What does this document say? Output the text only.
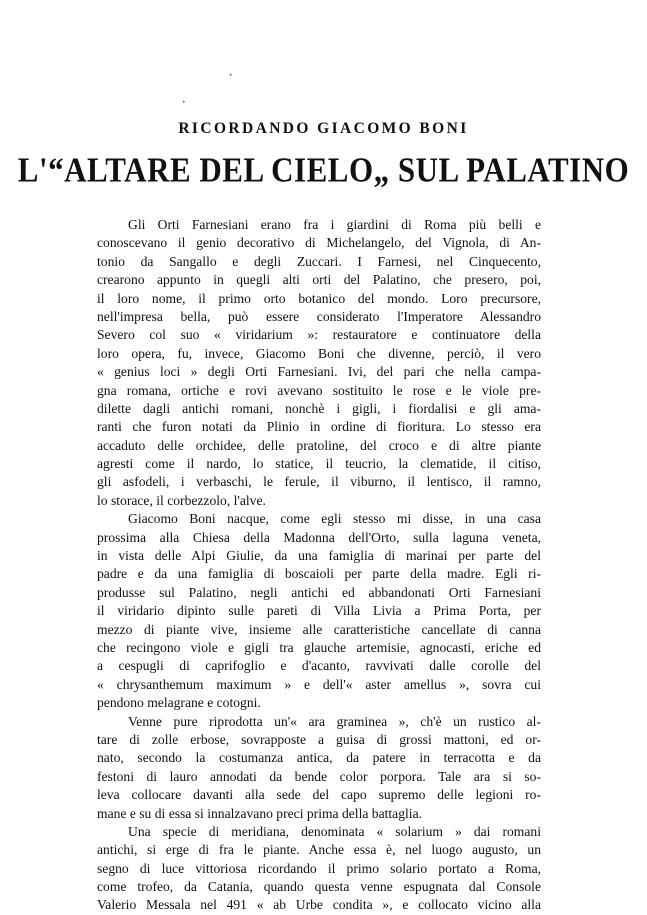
•
•
RICORDANDO GIACOMO BONI
L'“ALTARE DEL CIELO„ SUL PALATINO
Gli Orti Farnesiani erano fra i giardini di Roma più belli e
conoscevano il genio decorativo di Michelangelo, del Vignola, di An-
tonio da Sangallo e degli Zuccari. I Farnesi, nel Cinquecento,
crearono appunto in quegli alti orti del Palatino, che presero, poi,
il loro nome, il primo orto botanico del mondo. Loro precursore,
nell'impresa bella, può essere considerato l'Imperatore Alessandro
Severo col suo « viridarium »: restauratore e continuatore della
loro opera, fu, invece, Giacomo Boni che divenne, perciò, il vero
« genius loci » degli Orti Farnesiani. Ivi, del pari che nella campa-
gna romana, ortiche e rovi avevano sostituito le rose e le viole pre-
dilette dagli antichi romani, nonchè i gigli, i fiordalisi e gli ama-
ranti che furon notati da Plinio in ordine di fioritura. Lo stesso era
accaduto delle orchidee, delle pratoline, del croco e di altre piante
agresti come il nardo, lo statice, il teucrio, la clematide, il citiso,
gli asfodeli, i verbaschi, le ferule, il viburno, il lentisco, il ramno,
lo storace, il corbezzolo, l'alve.
Giacomo Boni nacque, come egli stesso mi disse, in una casa
prossima alla Chiesa della Madonna dell'Orto, sulla laguna veneta,
in vista delle Alpi Giulie, da una famiglia di marinai per parte del
padre e da una famiglia di boscaioli per parte della madre. Egli ri-
produsse sul Palatino, negli antichi ed abbandonati Orti Farnesiani
il viridario dipinto sulle pareti di Villa Livia a Prima Porta, per
mezzo di piante vive, insieme alle caratteristiche cancellate di canna
che recingono viole e gigli tra glauche artemisie, agnocasti, eriche ed
a cespugli di caprifoglio e d'acanto, ravvivati dalle corolle del
« chrysanthemum maximum » e dell'« aster amellus », sovra cui
pendono melagrane e cotogni.
Venne pure riprodotta un'« ara graminea », ch'è un rustico al-
tare di zolle erbose, sovrapposte a guisa di grossi mattoni, ed or-
nato, secondo la costumanza antica, da patere in terracotta e da
festoni di lauro annodati da bende color porpora. Tale ara si so-
leva collocare davanti alla sede del capo supremo delle legioni ro-
mane e su di essa si innalzavano preci prima della battaglia.
Una specie di meridiana, denominata « solarium » dai romani
antichi, si erge di fra le piante. Anche essa è, nel luogo augusto, un
segno di luce vittoriosa ricordando il primo solario portato a Roma,
come trofeo, da Catania, quando questa venne espugnata dal Console
Valerio Messala nel 491 « ab Urbe condita », e collocato vicino alla
